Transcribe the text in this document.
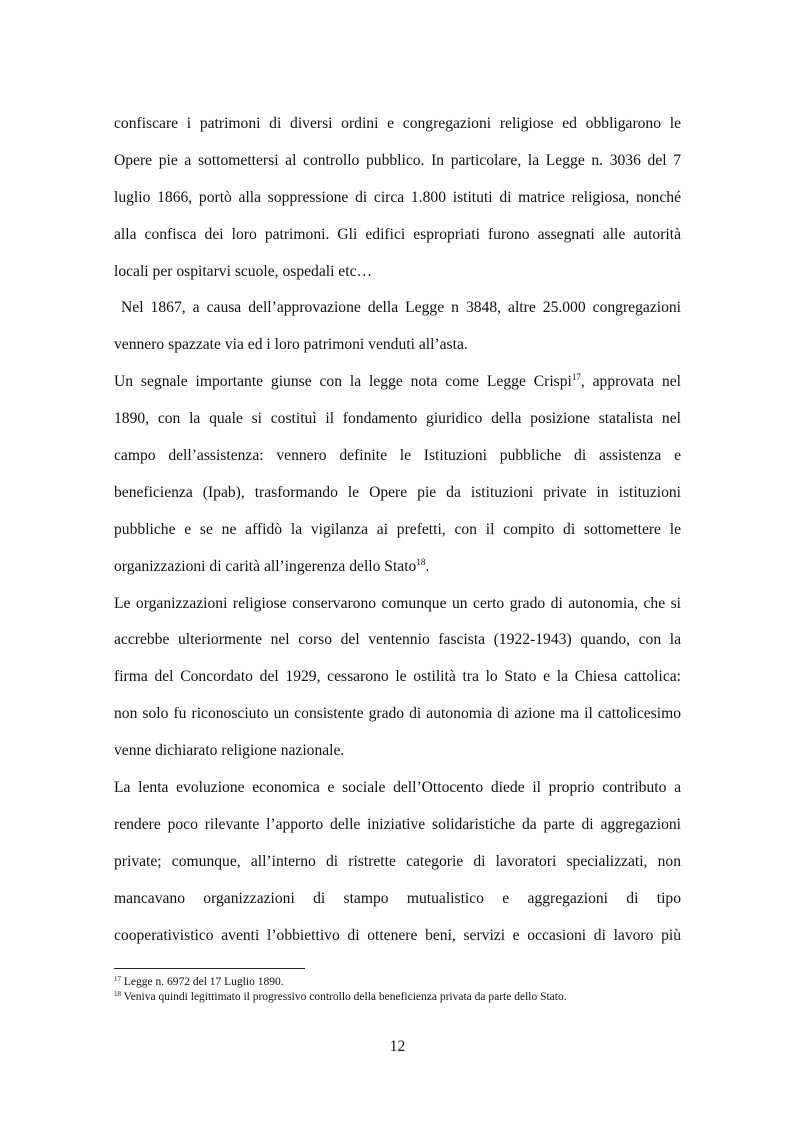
confiscare i patrimoni di diversi ordini e congregazioni religiose ed obbligarono le
Opere pie a sottomettersi al controllo pubblico. In particolare, la Legge n. 3036 del 7
luglio 1866, portò alla soppressione di circa 1.800 istituti di matrice religiosa, nonché
alla confisca dei loro patrimoni. Gli edifici espropriati furono assegnati alle autorità
locali per ospitarvi scuole, ospedali etc…
Nel 1867, a causa dell’approvazione della Legge n 3848, altre 25.000 congregazioni
vennero spazzate via ed i loro patrimoni venduti all’asta.
Un segnale importante giunse con la legge nota come Legge Crispi$^{17}$, approvata nel
1890, con la quale si costituì il fondamento giuridico della posizione statalista nel
campo dell’assistenza: vennero definite le Istituzioni pubbliche di assistenza e
beneficienza (Ipab), trasformando le Opere pie da istituzioni private in istituzioni
pubbliche e se ne affidò la vigilanza ai prefetti, con il compito di sottomettere le
organizzazioni di carità all’ingerenza dello Stato$^{18}$.
Le organizzazioni religiose conservarono comunque un certo grado di autonomia, che si
accrebbe ulteriormente nel corso del ventennio fascista (1922-1943) quando, con la
firma del Concordato del 1929, cessarono le ostilità tra lo Stato e la Chiesa cattolica:
non solo fu riconosciuto un consistente grado di autonomia di azione ma il cattolicesimo
venne dichiarato religione nazionale.
La lenta evoluzione economica e sociale dell’Ottocento diede il proprio contributo a
rendere poco rilevante l’apporto delle iniziative solidaristiche da parte di aggregazioni
private; comunque, all’interno di ristrette categorie di lavoratori specializzati, non
mancavano organizzazioni di stampo mutualistico e aggregazioni di tipo
cooperativistico aventi l’obbiettivo di ottenere beni, servizi e occasioni di lavoro più
$^{17}$ Legge n. 6972 del 17 Luglio 1890.
$^{18}$ Veniva quindi legittimato il progressivo controllo della beneficienza privata da parte dello Stato.
12
